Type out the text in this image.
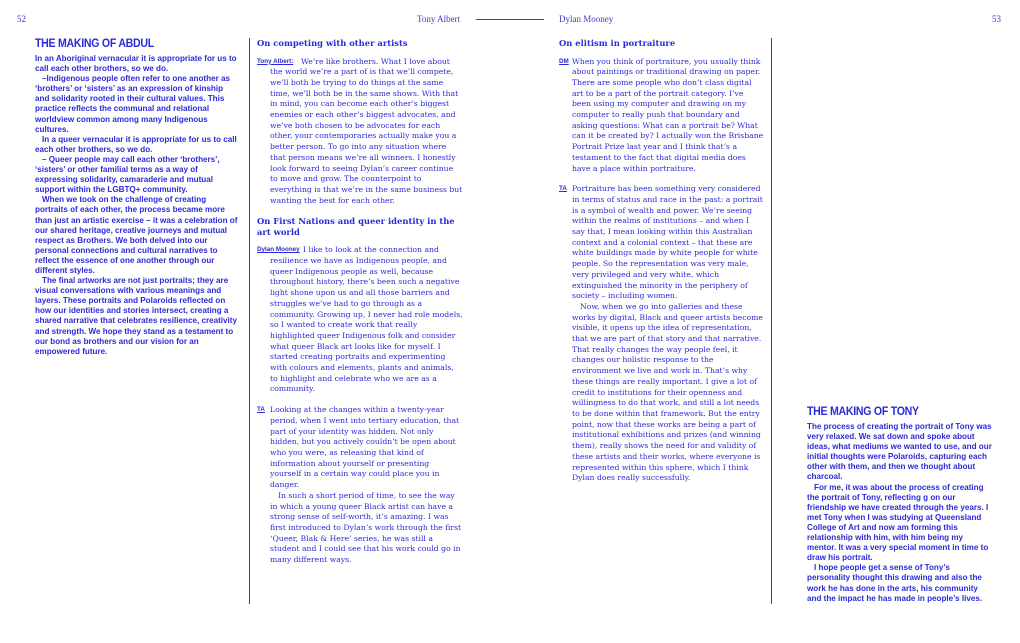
52	Tony Albert	Dylan Mooney	53
THE MAKING OF ABDUL

In an Aboriginal vernacular it is appropriate for us to call each other brothers, so we do.

–Indigenous people often refer to one another as ‘brothers’ or ‘sisters’ as an expression of kinship and solidarity rooted in their cultural values. This practice reflects the communal and relational worldview common among many Indigenous cultures.

In a queer vernacular it is appropriate for us to call each other brothers, so we do.

– Queer people may call each other ‘brothers’, ‘sisters’ or other familial terms as a way of expressing solidarity, camaraderie and mutual support within the LGBTQ+ community.

When we took on the challenge of creating portraits of each other, the process became more than just an artistic exercise – it was a celebration of our shared heritage, creative journeys and mutual respect as Brothers. We both delved into our personal connections and cultural narratives to reflect the essence of one another through our different styles.

The final artworks are not just portraits; they are visual conversations with various meanings and layers. These portraits and Polaroids reflected on how our identities and stories intersect, creating a shared narrative that celebrates resilience, creativity and strength. We hope they stand as a testament to our bond as brothers and our vision for an empowered future.

On competing with other artists
Tony Albert: We’re like brothers. What I love about the world we’re a part of is that we’ll compete, we’ll both be trying to do things at the same time, we’ll both be in the same shows. With that in mind, you can become each other’s biggest enemies or each other’s biggest advocates, and we’ve both chosen to be advocates for each other, your contemporaries actually make you a better person. To go into any situation where that person means we’re all winners. I honestly look forward to seeing Dylan’s career continue to move and grow. The counterpoint to everything is that we’re in the same business but wanting the best for each other.

On First Nations and queer identity in the art world
Dylan Mooney I like to look at the connection and resilience we have as Indigenous people, and queer Indigenous people as well, because throughout history, there’s been such a negative light shone upon us and all those barriers and struggles we’ve had to go through as a community. Growing up, I never had role models, so I wanted to create work that really highlighted queer Indigenous folk and consider what queer Black art looks like for myself. I started creating portraits and experimenting with colours and elements, plants and animals, to highlight and celebrate who we are as a community.

TA Looking at the changes within a twenty-year period, when I went into tertiary education, that part of your identity was hidden. Not only hidden, but you actively couldn’t be open about who you were, as releasing that kind of information about yourself or presenting yourself in a certain way could place you in danger.

In such a short period of time, to see the way in which a young queer Black artist can have a strong sense of self-worth, it’s amazing. I was first introduced to Dylan’s work through the first ‘Queer, Blak & Here’ series, he was still a student and I could see that his work could go in many different ways.

On elitism in portraiture
DM When you think of portraiture, you usually think about paintings or traditional drawing on paper. There are some people who don’t class digital art to be a part of the portrait category. I’ve been using my computer and drawing on my computer to really push that boundary and asking questions: What can a portrait be? What can it be created by? I actually won the Brisbane Portrait Prize last year and I think that’s a testament to the fact that digital media does have a place within portraiture.

TA Portraiture has been something very considered in terms of status and race in the past: a portrait is a symbol of wealth and power. We’re seeing within the realms of institutions – and when I say that, I mean looking within this Australian context and a colonial context – that these are white buildings made by white people for white people. So the representation was very male, very privileged and very white, which extinguished the minority in the periphery of society – including women.

Now, when we go into galleries and these works by digital, Black and queer artists become visible, it opens up the idea of representation, that we are part of that story and that narrative. That really changes the way people feel, it changes our holistic response to the environment we live and work in. That’s why these things are really important. I give a lot of credit to institutions for their openness and willingness to do that work, and still a lot needs to be done within that framework. But the entry point, now that these works are being a part of institutional exhibitions and prizes (and winning them), really shows the need for and validity of these artists and their works, where everyone is represented within this sphere, which I think Dylan does really successfully.

THE MAKING OF TONY

The process of creating the portrait of Tony was very relaxed. We sat down and spoke about ideas, what mediums we wanted to use, and our initial thoughts were Polaroids, capturing each other with them, and then we thought about charcoal.

For me, it was about the process of creating the portrait of Tony, reflecting g on our friendship we have created through the years. I met Tony when I was studying at Queensland College of Art and now am forming this relationship with him, with him being my mentor. It was a very special moment in time to draw his portrait.

I hope people get a sense of Tony’s personality thought this drawing and also the work he has done in the arts, his community and the impact he has made in people’s lives.
